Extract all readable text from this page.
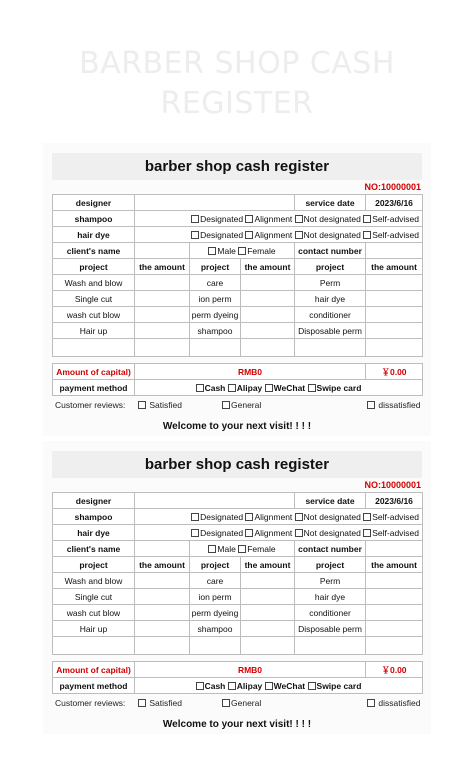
BARBER SHOP CASH
REGISTER
barber shop cash register
NO:10000001
designer				service date	2023/6/16
shampoo	Designated Alignment Not designated Self-advised				
hair dye	Designated Alignment Not designated Self-advised				
client's name		Male Female		contact number	
project	the amount	project	the amount	project	the amount
Wash and blow		care		Perm	
Single cut		ion perm		hair dye	
wash cut blow		perm dyeing		conditioner	
Hair up		shampoo		Disposable perm	

Amount of capital)	RMB0				￥0.00
payment method	Cash Alipay WeChat Swipe card				
Customer reviews:	Satisfied	General	dissatisfied
Welcome to your next visit! ! ! !
barber shop cash register
NO:10000001
designer				service date	2023/6/16
shampoo	Designated Alignment Not designated Self-advised				
hair dye	Designated Alignment Not designated Self-advised				
client's name		Male Female		contact number	
project	the amount	project	the amount	project	the amount
Wash and blow		care		Perm	
Single cut		ion perm		hair dye	
wash cut blow		perm dyeing		conditioner	
Hair up		shampoo		Disposable perm	

Amount of capital)	RMB0				￥0.00
payment method	Cash Alipay WeChat Swipe card				
Customer reviews:	Satisfied	General	dissatisfied
Welcome to your next visit! ! ! !
